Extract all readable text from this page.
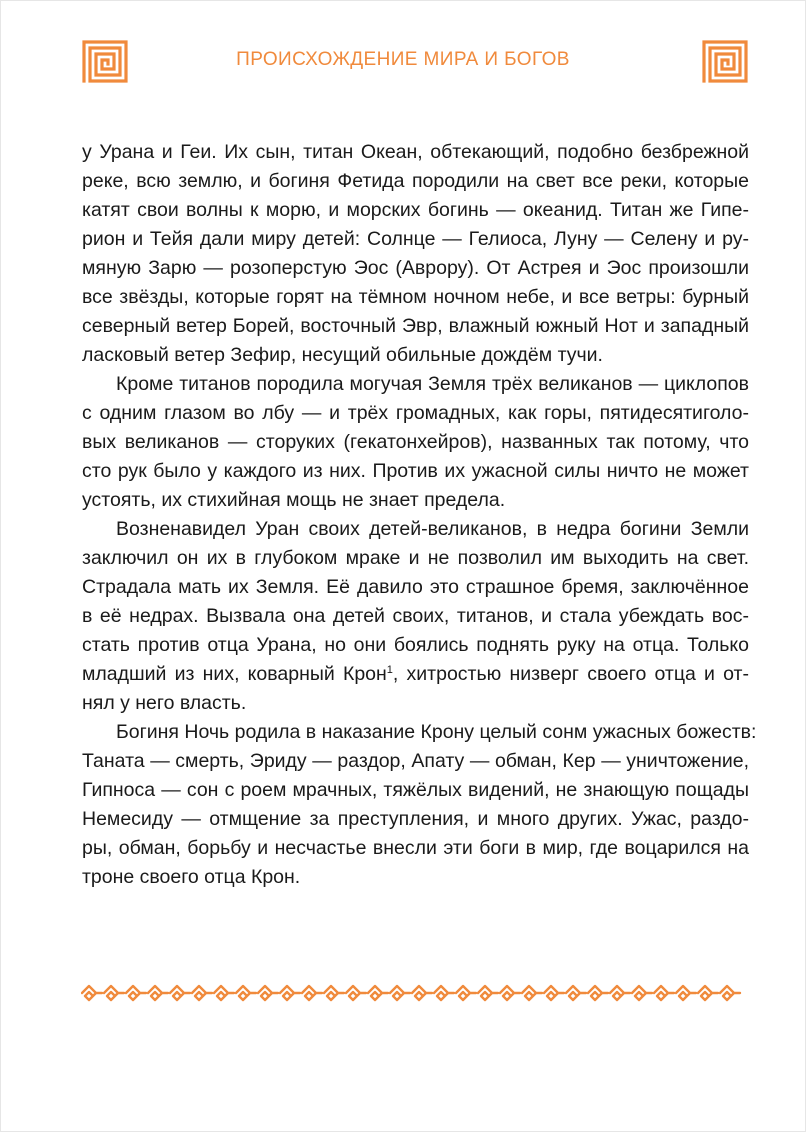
ПРОИСХОЖДЕНИЕ МИРА И БОГОВ
у Урана и Геи. Их сын, титан Океан, обтекающий, подобно безбрежной
реке, всю землю, и богиня Фетида породили на свет все реки, которые
катят свои волны к морю, и морских богинь — океанид. Титан же Гипе-
рион и Тейя дали миру детей: Солнце — Гелиоса, Луну — Селену и ру-
мяную Зарю — розоперстую Эос (Аврору). От Астрея и Эос произошли
все звёзды, которые горят на тёмном ночном небе, и все ветры: бурный
северный ветер Борей, восточный Эвр, влажный южный Нот и западный
ласковый ветер Зефир, несущий обильные дождём тучи.
Кроме титанов породила могучая Земля трёх великанов — циклопов
с одним глазом во лбу — и трёх громадных, как горы, пятидесятиголо-
вых великанов — сторуких (гекатонхейров), названных так потому, что
сто рук было у каждого из них. Против их ужасной силы ничто не может
устоять, их стихийная мощь не знает предела.
Возненавидел Уран своих детей-великанов, в недра богини Земли
заключил он их в глубоком мраке и не позволил им выходить на свет.
Страдала мать их Земля. Её давило это страшное бремя, заключённое
в её недрах. Вызвала она детей своих, титанов, и стала убеждать вос-
стать против отца Урана, но они боялись поднять руку на отца. Только
младший из них, коварный Крон$^1$, хитростью низверг своего отца и от-
нял у него власть.
Богиня Ночь родила в наказание Крону целый сонм ужасных божеств:
Таната — смерть, Эриду — раздор, Апату — обман, Кер — уничтожение,
Гипноса — сон с роем мрачных, тяжёлых видений, не знающую пощады
Немесиду — отмщение за преступления, и много других. Ужас, раздо-
ры, обман, борьбу и несчастье внесли эти боги в мир, где воцарился на
троне своего отца Крон.
